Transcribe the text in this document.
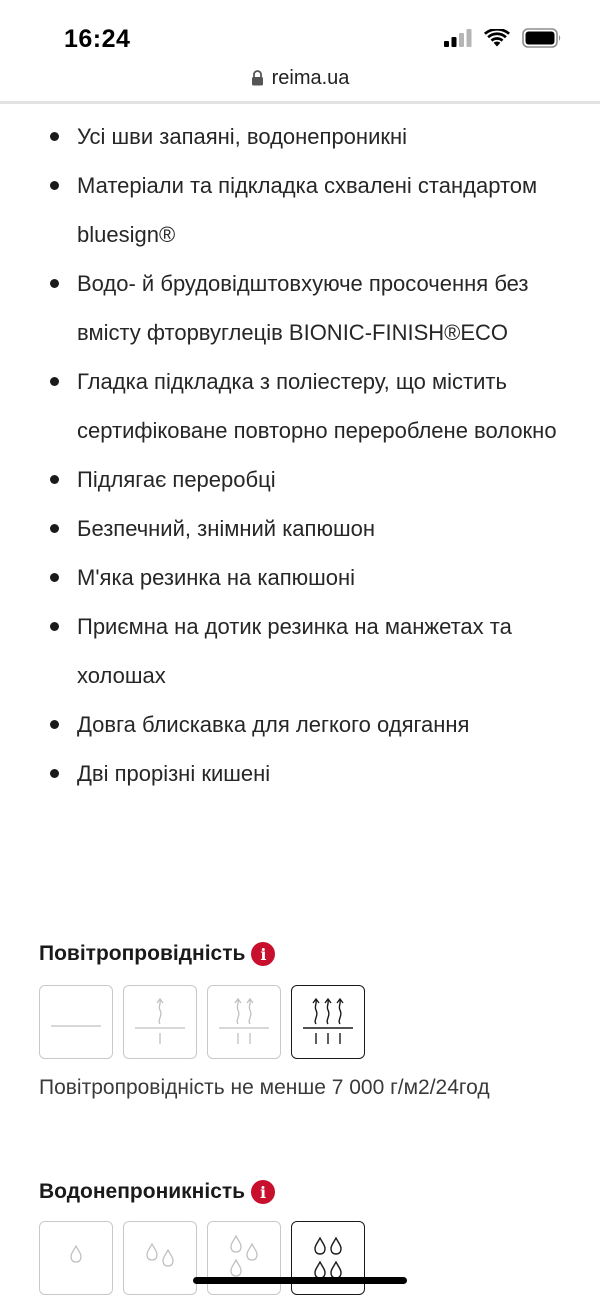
16:24
reima.ua
Усі шви запаяні, водонепроникні
Матеріали та підкладка схвалені стандартом bluesign®
Водо- й брудовідштовхуюче просочення без вмісту фторвуглеців BIONIC-FINISH®ECO
Гладка підкладка з поліестеру, що містить сертифіковане повторно перероблене волокно
Підлягає переробці
Безпечний, знімний капюшон
М'яка резинка на капюшоні
Приємна на дотик резинка на манжетах та холошах
Довга блискавка для легкого одягання
Дві прорізні кишені
Повітропровідність i
Повітропровідність не менше 7 000 г/м2/24год
Водонепроникність i
